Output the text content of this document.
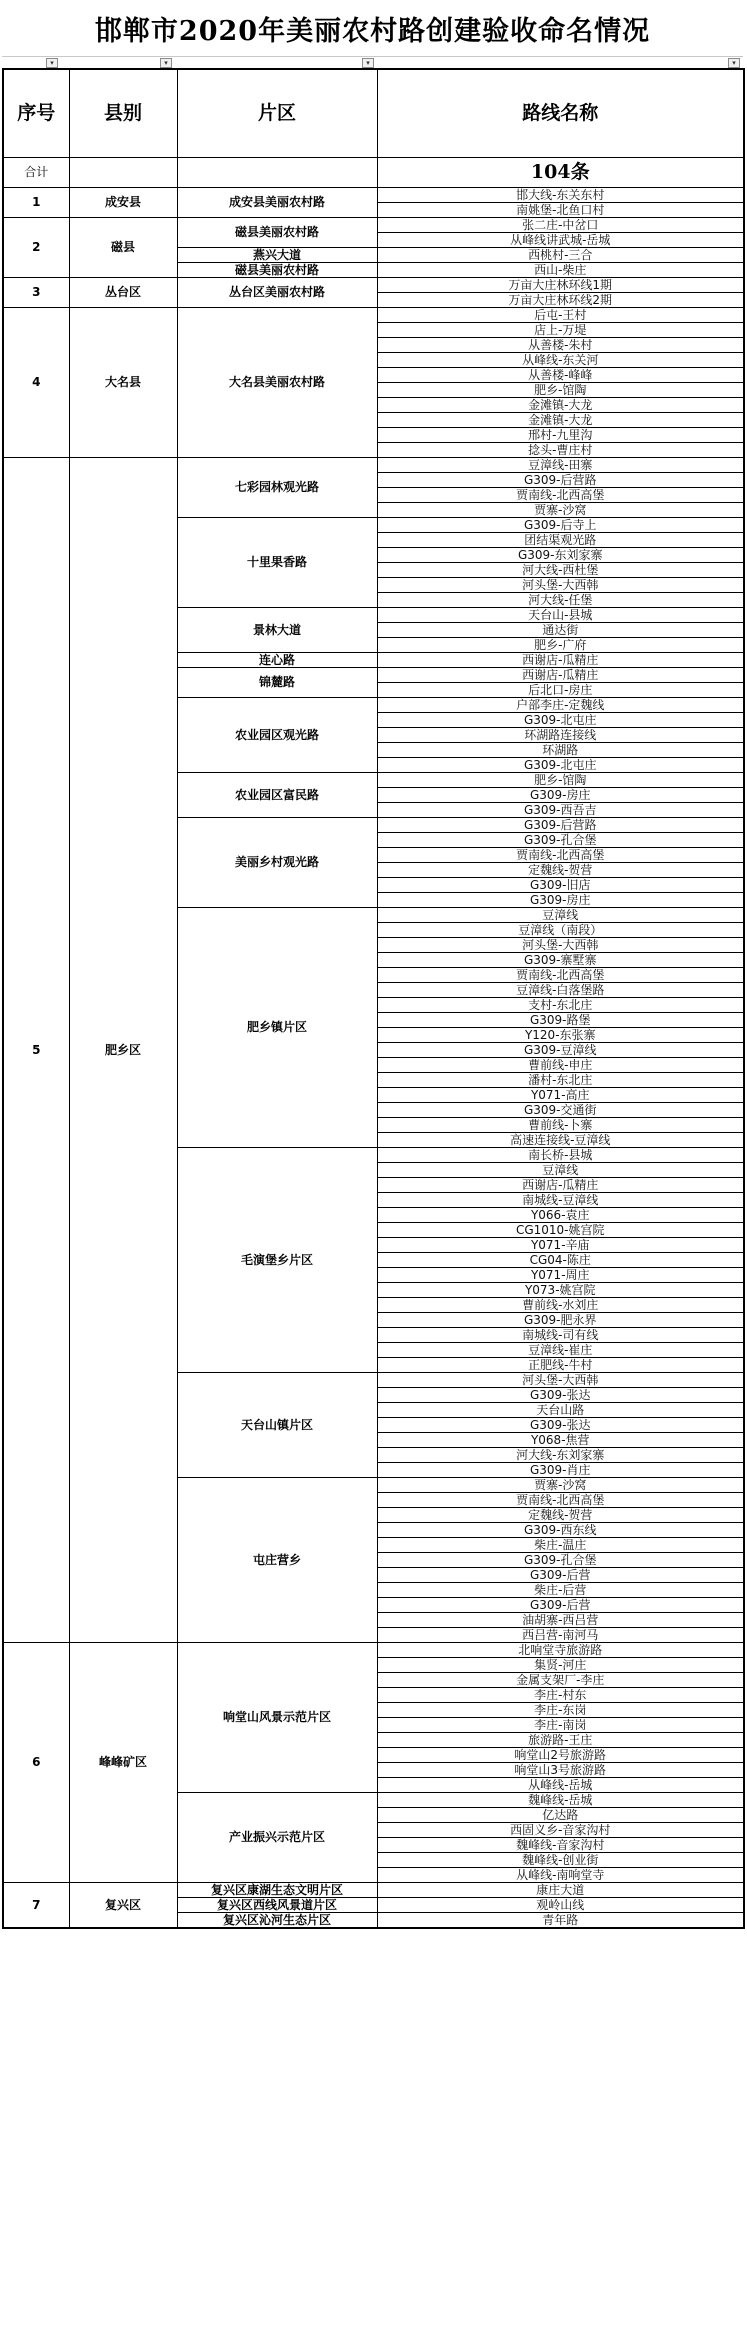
邯郸市2020年美丽农村路创建验收命名情况
▾	▾	▾	▾
序号	县别	片区	路线名称
合计			104条
1	成安县	成安县美丽农村路	邯大线-东关东村
			南姚堡-北鱼口村
2	磁县	磁县美丽农村路	张二庄-中岔口
			从峰线讲武城-岳城
		燕兴大道	西桃村-三合
		磁县美丽农村路	西山-柴庄
3	丛台区	丛台区美丽农村路	万亩大庄林环线1期
			万亩大庄林环线2期
4	大名县	大名县美丽农村路	后屯-王村
			店上-万堤
			从善楼-朱村
			从峰线-东关河
			从善楼-峰峰
			肥乡-馆陶
			金滩镇-大龙
			金滩镇-大龙
			邢村-九里沟
			捻头-曹庄村
5	肥乡区	七彩园林观光路	豆漳线-田寨
			G309-后营路
			贾南线-北西高堡
			贾寨-沙窝
		十里果香路	G309-后寺上
			团结渠观光路
			G309-东刘家寨
			河大线-西杜堡
			河头堡-大西韩
			河大线-任堡
		景林大道	天台山-县城
			通达街
			肥乡-广府
		连心路	西谢店-瓜精庄
		锦麓路	西谢店-瓜精庄
			后北口-房庄
		农业园区观光路	户部李庄-定魏线
			G309-北屯庄
			环湖路连接线
			环湖路
			G309-北屯庄
		农业园区富民路	肥乡-馆陶
			G309-房庄
			G309-西吾吉
		美丽乡村观光路	G309-后营路
			G309-孔合堡
			贾南线-北西高堡
			定魏线-贺营
			G309-旧店
			G309-房庄
		肥乡镇片区	豆漳线
			豆漳线（南段）
			河头堡-大西韩
			G309-寨墅寨
			贾南线-北西高堡
			豆漳线-白落堡路
			支村-东北庄
			G309-路堡
			Y120-东张寨
			G309-豆漳线
			曹前线-申庄
			潘村-东北庄
			Y071-高庄
			G309-交通街
			曹前线-卜寨
			高速连接线-豆漳线
		毛演堡乡片区	南长桥-县城
			豆漳线
			西谢店-瓜精庄
			南城线-豆漳线
			Y066-袁庄
			CG1010-姚宫院
			Y071-辛庙
			CG04-陈庄
			Y071-周庄
			Y073-姚宫院
			曹前线-水刘庄
			G309-肥永界
			南城线-司有线
			豆漳线-崔庄
			正肥线-牛村
		天台山镇片区	河头堡-大西韩
			G309-张达
			天台山路
			G309-张达
			Y068-焦营
			河大线-东刘家寨
			G309-肖庄
		屯庄营乡	贾寨-沙窝
			贾南线-北西高堡
			定魏线-贺营
			G309-西东线
			柴庄-温庄
			G309-孔合堡
			G309-后营
			柴庄-后营
			G309-后营
			油胡寨-西吕营
			西吕营-南河马
6	峰峰矿区	响堂山风景示范片区	北响堂寺旅游路
			集贤-河庄
			金属支架厂-李庄
			李庄-村东
			李庄-东岗
			李庄-南岗
			旅游路-王庄
			响堂山2号旅游路
			响堂山3号旅游路
			从峰线-岳城
		产业振兴示范片区	魏峰线-岳城
			亿达路
			西固义乡-音家沟村
			魏峰线-音家沟村
			魏峰线-创业街
			从峰线-南响堂寺
7	复兴区	复兴区康湖生态文明片区	康庄大道
		复兴区西线风景道片区	观岭山线
		复兴区沁河生态片区	青年路
